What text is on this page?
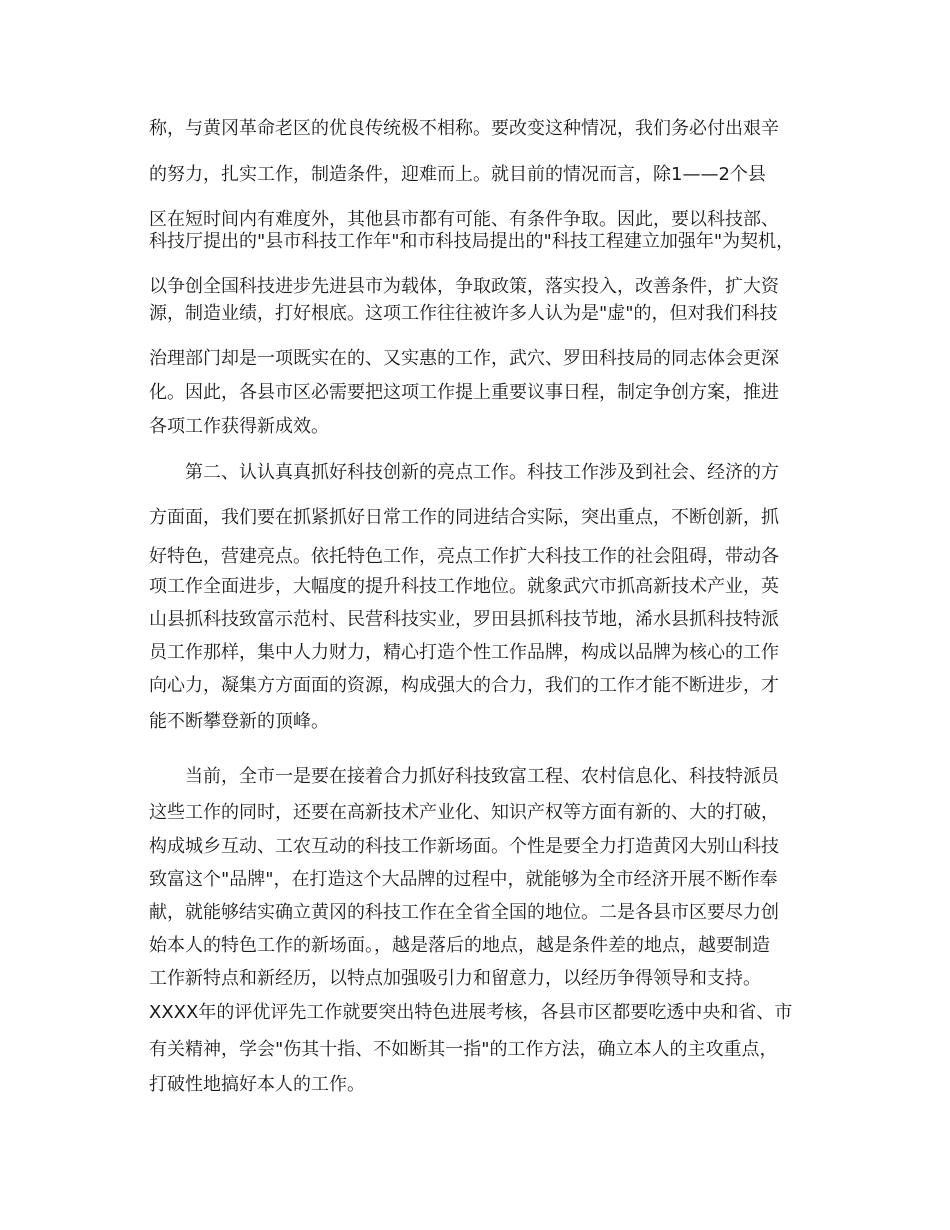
称，与黄冈革命老区的优良传统极不相称。要改变这种情况，我们务必付出艰辛
的努力，扎实工作，制造条件，迎难而上。就目前的情况而言，除1——2个县
区在短时间内有难度外，其他县市都有可能、有条件争取。因此，要以科技部、
科技厅提出的"县市科技工作年"和市科技局提出的"科技工程建立加强年"为契机，
以争创全国科技进步先进县市为载体，争取政策，落实投入，改善条件，扩大资
源，制造业绩，打好根底。这项工作往往被许多人认为是"虚"的，但对我们科技
治理部门却是一项既实在的、又实惠的工作，武穴、罗田科技局的同志体会更深
化。因此，各县市区必需要把这项工作提上重要议事日程，制定争创方案，推进
各项工作获得新成效。
第二、认认真真抓好科技创新的亮点工作。科技工作涉及到社会、经济的方
方面面，我们要在抓紧抓好日常工作的同进结合实际，突出重点，不断创新，抓
好特色，营建亮点。依托特色工作，亮点工作扩大科技工作的社会阻碍，带动各
项工作全面进步，大幅度的提升科技工作地位。就象武穴市抓高新技术产业，英
山县抓科技致富示范村、民营科技实业，罗田县抓科技节地，浠水县抓科技特派
员工作那样，集中人力财力，精心打造个性工作品牌，构成以品牌为核心的工作
向心力，凝集方方面面的资源，构成强大的合力，我们的工作才能不断进步，才
能不断攀登新的顶峰。
当前，全市一是要在接着合力抓好科技致富工程、农村信息化、科技特派员
这些工作的同时，还要在高新技术产业化、知识产权等方面有新的、大的打破，
构成城乡互动、工农互动的科技工作新场面。个性是要全力打造黄冈大别山科技
致富这个"品牌"，在打造这个大品牌的过程中，就能够为全市经济开展不断作奉
献，就能够结实确立黄冈的科技工作在全省全国的地位。二是各县市区要尽力创
始本人的特色工作的新场面。，越是落后的地点，越是条件差的地点，越要制造
工作新特点和新经历，以特点加强吸引力和留意力，以经历争得领导和支持。
XXXX年的评优评先工作就要突出特色进展考核，各县市区都要吃透中央和省、市
有关精神，学会"伤其十指、不如断其一指"的工作方法，确立本人的主攻重点，
打破性地搞好本人的工作。
